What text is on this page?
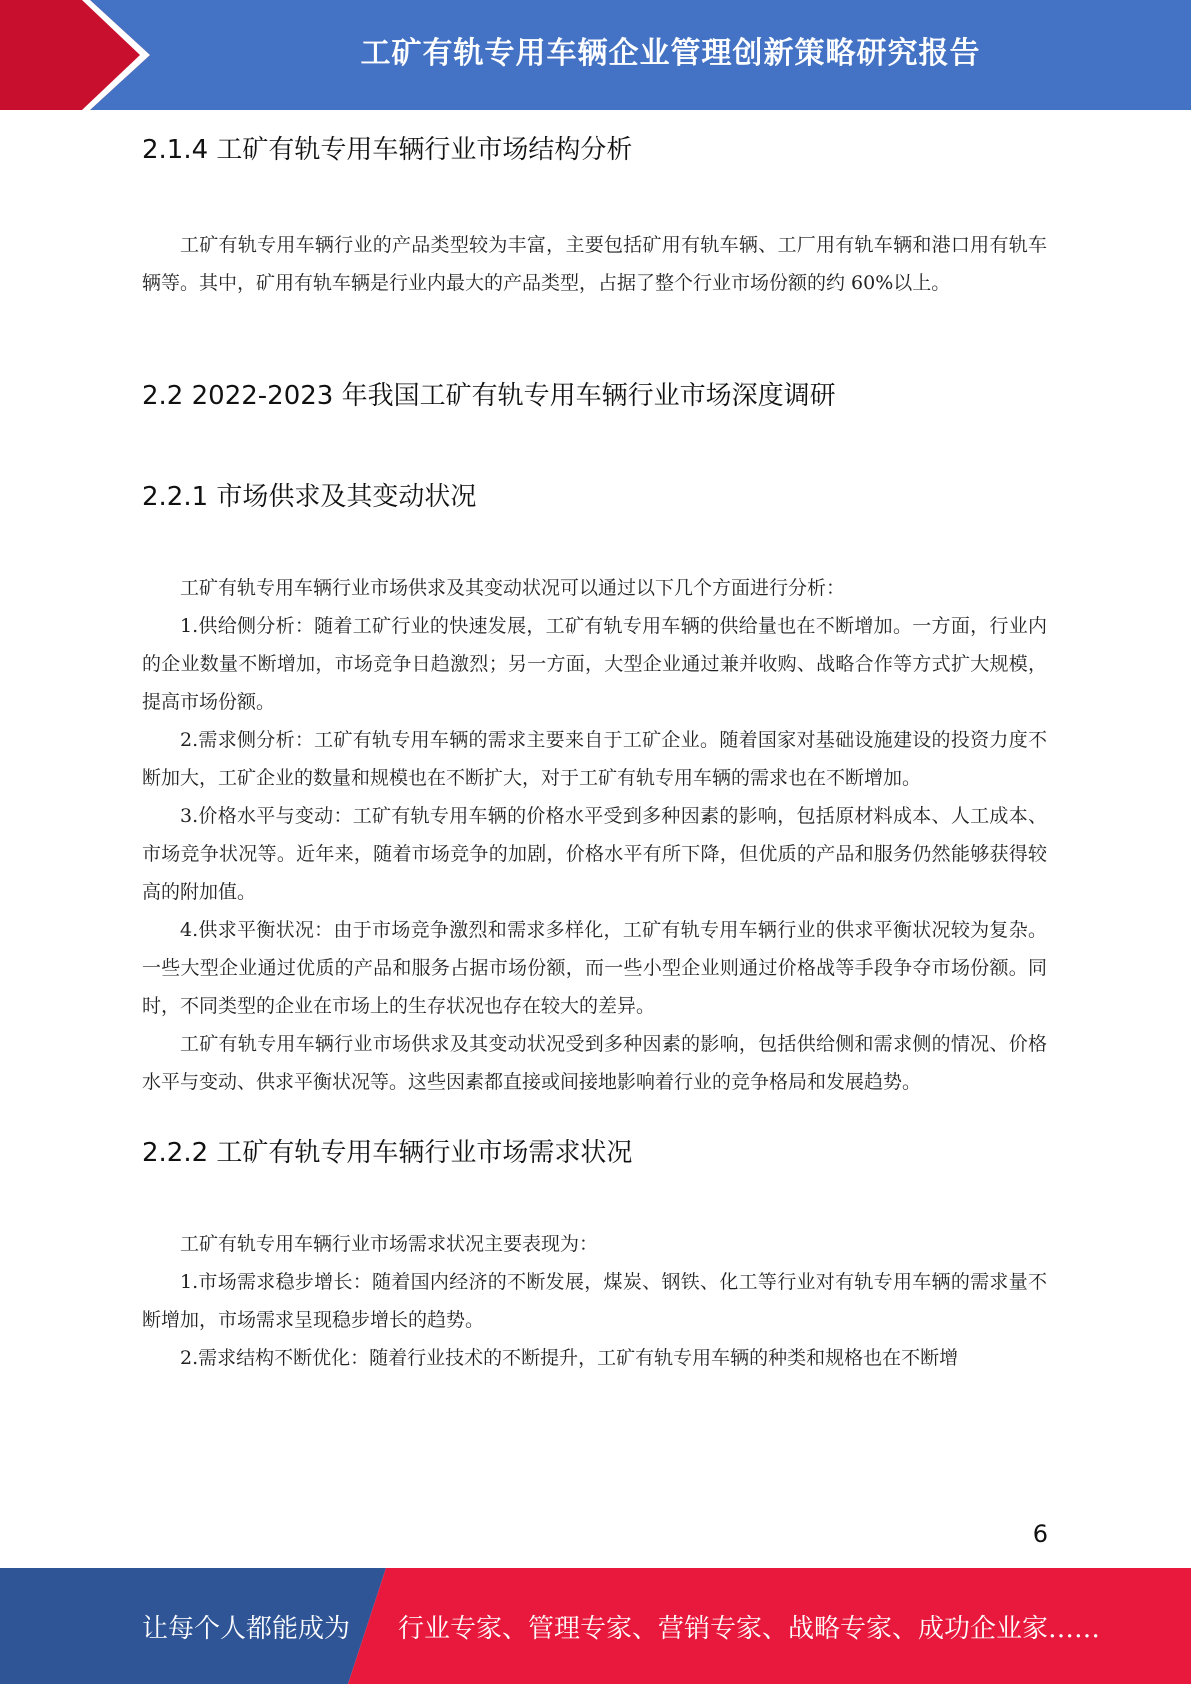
工矿有轨专用车辆企业管理创新策略研究报告
2.1.4 工矿有轨专用车辆行业市场结构分析

工矿有轨专用车辆行业的产品类型较为丰富，主要包括矿用有轨车辆、工厂用有轨车辆和港口用有轨车辆等。其中，矿用有轨车辆是行业内最大的产品类型，占据了整个行业市场份额的约 60%以上。

2.2 2022-2023 年我国工矿有轨专用车辆行业市场深度调研
2.2.1 市场供求及其变动状况

工矿有轨专用车辆行业市场供求及其变动状况可以通过以下几个方面进行分析：

1.供给侧分析：随着工矿行业的快速发展，工矿有轨专用车辆的供给量也在不断增加。一方面，行业内的企业数量不断增加，市场竞争日趋激烈；另一方面，大型企业通过兼并收购、战略合作等方式扩大规模，提高市场份额。

2.需求侧分析：工矿有轨专用车辆的需求主要来自于工矿企业。随着国家对基础设施建设的投资力度不断加大，工矿企业的数量和规模也在不断扩大，对于工矿有轨专用车辆的需求也在不断增加。

3.价格水平与变动：工矿有轨专用车辆的价格水平受到多种因素的影响，包括原材料成本、人工成本、市场竞争状况等。近年来，随着市场竞争的加剧，价格水平有所下降，但优质的产品和服务仍然能够获得较高的附加值。

4.供求平衡状况：由于市场竞争激烈和需求多样化，工矿有轨专用车辆行业的供求平衡状况较为复杂。一些大型企业通过优质的产品和服务占据市场份额，而一些小型企业则通过价格战等手段争夺市场份额。同时，不同类型的企业在市场上的生存状况也存在较大的差异。

工矿有轨专用车辆行业市场供求及其变动状况受到多种因素的影响，包括供给侧和需求侧的情况、价格水平与变动、供求平衡状况等。这些因素都直接或间接地影响着行业的竞争格局和发展趋势。

2.2.2 工矿有轨专用车辆行业市场需求状况

工矿有轨专用车辆行业市场需求状况主要表现为：

1.市场需求稳步增长：随着国内经济的不断发展，煤炭、钢铁、化工等行业对有轨专用车辆的需求量不断增加，市场需求呈现稳步增长的趋势。

2.需求结构不断优化：随着行业技术的不断提升，工矿有轨专用车辆的种类和规格也在不断增

6
让每个人都能成为 行业专家、管理专家、营销专家、战略专家、成功企业家……
